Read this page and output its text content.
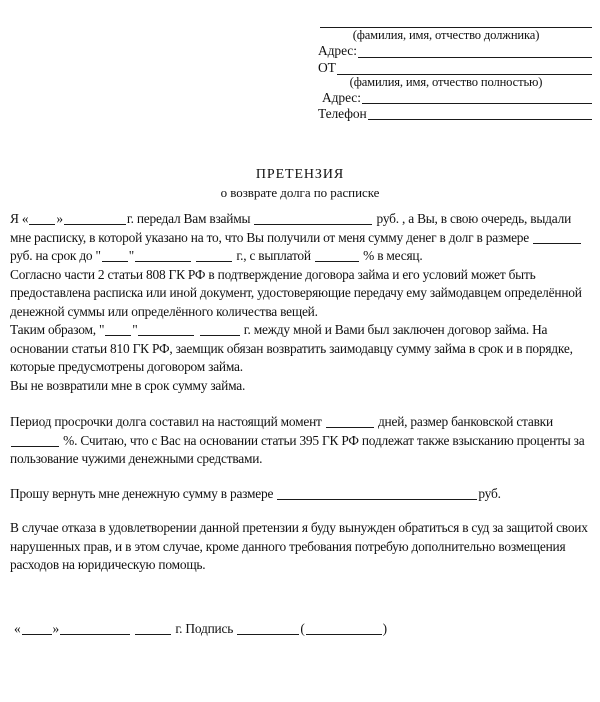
(фамилия, имя, отчество должника)
Адрес:
ОТ
(фамилия, имя, отчество полностью)
Адрес:
Телефон
ПРЕТЕНЗИЯ
о возврате долга по расписке

Я « »	г. передал Вам взаймы	руб. , а Вы, в свою очередь, выдали мне расписку, в которой указано на то, что Вы получили от меня сумму денег в долг в размере  руб. на срок до " "	г., с выплатой	% в месяц.

Согласно части 2 статьи 808 ГК РФ в подтверждение договора займа и его условий может быть предоставлена расписка или иной документ, удостоверяющие передачу ему займодавцем определённой денежной суммы или определённого количества вещей.

Таким образом, " "	г. между мной и Вами был заключен договор займа. На основании статьи 810 ГК РФ, заемщик обязан возвратить заимодавцу сумму займа в срок и в порядке, которые предусмотрены договором займа.

Вы не возвратили мне в срок сумму займа.

Период просрочки долга составил на настоящий момент	дней, размер банковской ставки  %. Считаю, что с Вас на основании статьи 395 ГК РФ подлежат также взысканию проценты за пользование чужими денежными средствами.

Прошу вернуть мне денежную сумму в размере	руб.

В случае отказа в удовлетворении данной претензии я буду вынужден обратиться в суд за защитой своих нарушенных прав, и в этом случае, кроме данного требования потребую дополнительно возмещения расходов на юридическую помощь.

« »	г. Подпись	(	)
